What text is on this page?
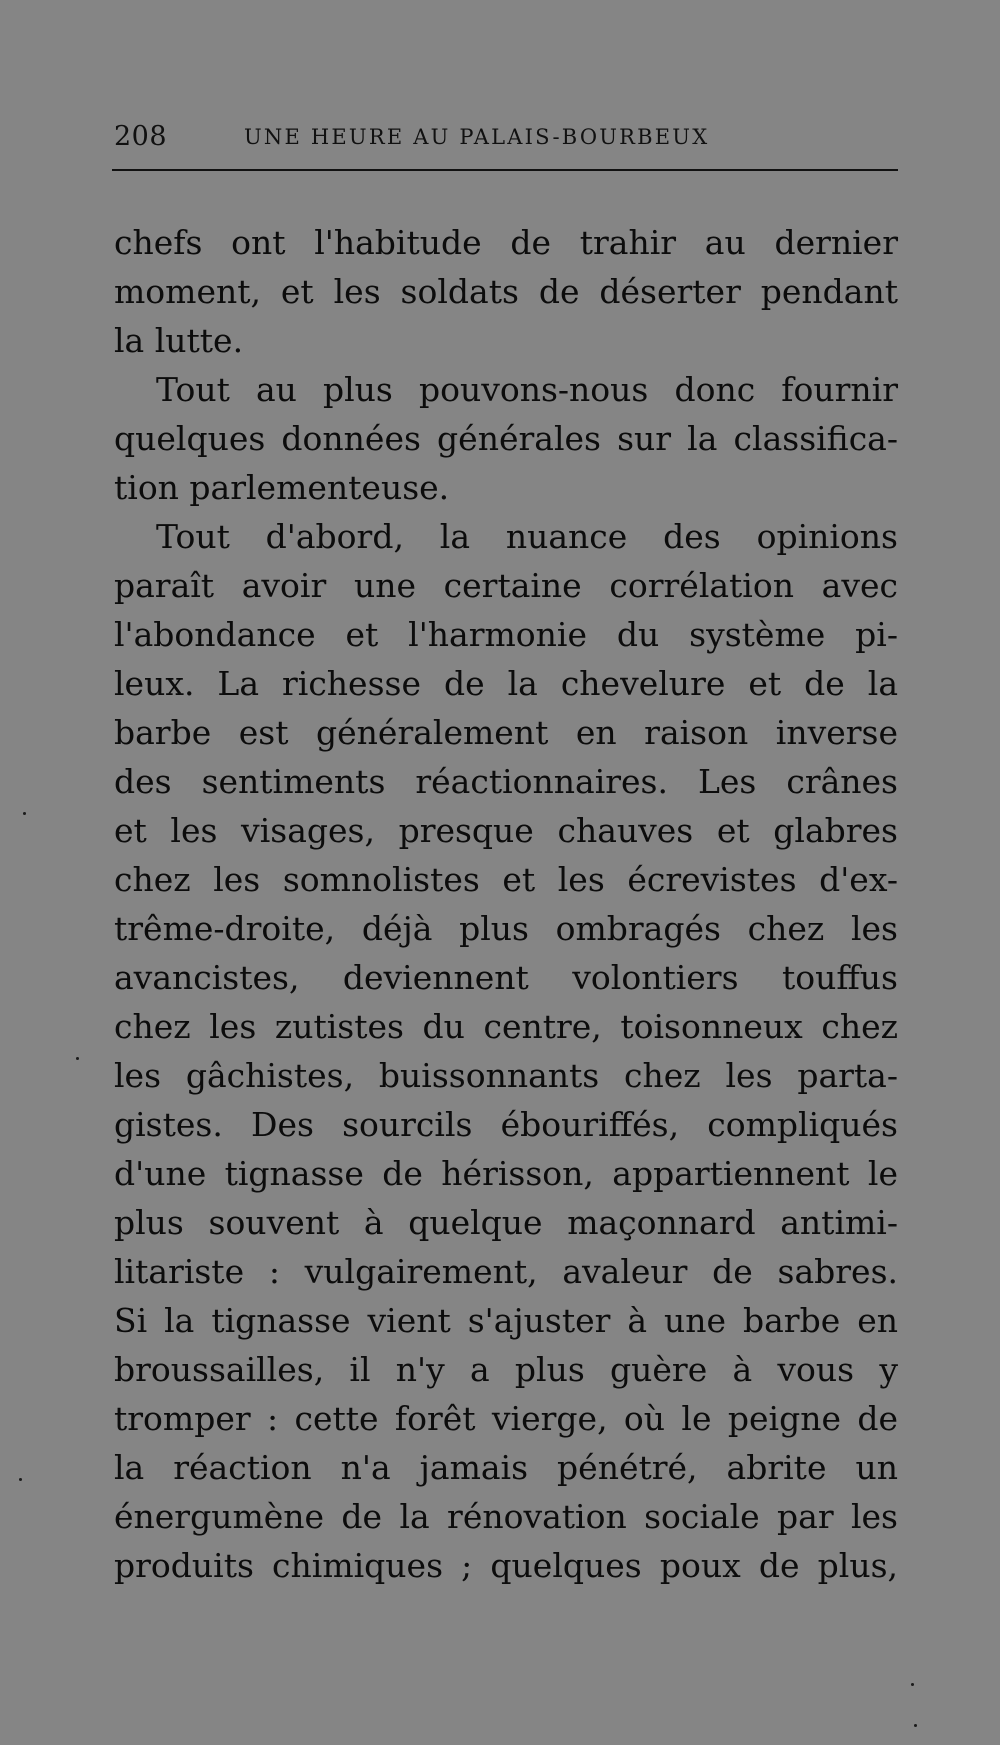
208	UNE HEURE AU PALAIS-BOURBEUX
chefs ont l'habitude de trahir au dernier
moment, et les soldats de déserter pendant
la lutte.
Tout au plus pouvons-nous donc fournir
quelques données générales sur la classifica-
tion parlementeuse.
Tout d'abord, la nuance des opinions
paraît avoir une certaine corrélation avec
l'abondance et l'harmonie du système pi-
leux. La richesse de la chevelure et de la
barbe est généralement en raison inverse
des sentiments réactionnaires. Les crânes
et les visages, presque chauves et glabres
chez les somnolistes et les écrevistes d'ex-
trême-droite, déjà plus ombragés chez les
avancistes, deviennent volontiers touffus
chez les zutistes du centre, toisonneux chez
les gâchistes, buissonnants chez les parta-
gistes. Des sourcils ébouriffés, compliqués
d'une tignasse de hérisson, appartiennent le
plus souvent à quelque maçonnard antimi-
litariste : vulgairement, avaleur de sabres.
Si la tignasse vient s'ajuster à une barbe en
broussailles, il n'y a plus guère à vous y
tromper : cette forêt vierge, où le peigne de
la réaction n'a jamais pénétré, abrite un
énergumène de la rénovation sociale par les
produits chimiques ; quelques poux de plus,
